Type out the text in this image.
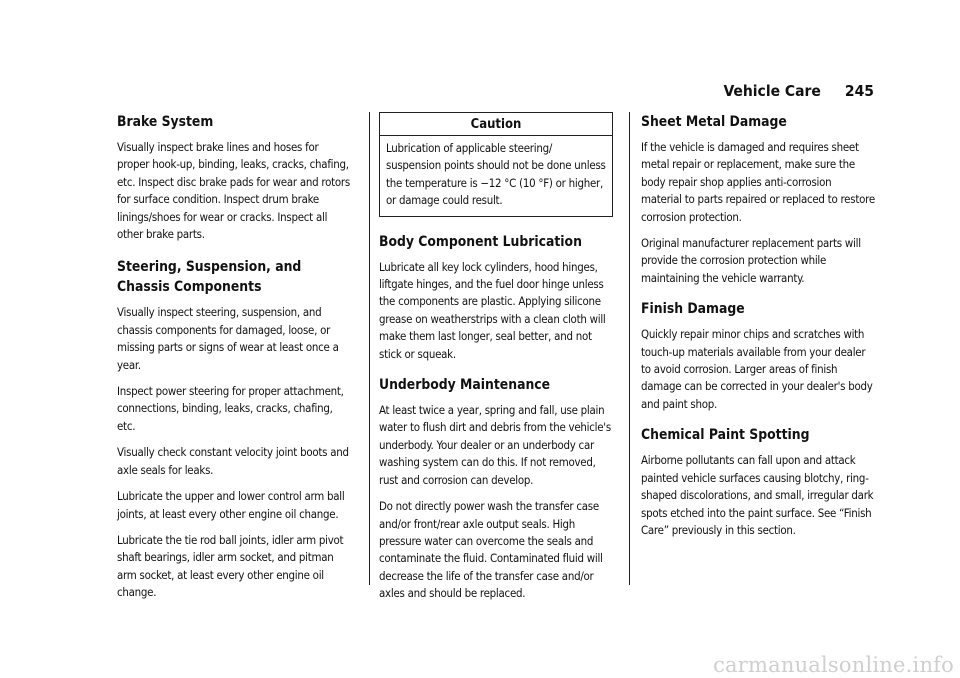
Vehicle Care 245
Brake System

Visually inspect brake lines and hoses for proper hook-up, binding, leaks, cracks, chafing, etc. Inspect disc brake pads for wear and rotors for surface condition. Inspect drum brake linings/shoes for wear or cracks. Inspect all other brake parts.

Steering, Suspension, and Chassis Components

Visually inspect steering, suspension, and chassis components for damaged, loose, or missing parts or signs of wear at least once a year.

Inspect power steering for proper attachment, connections, binding, leaks, cracks, chafing, etc.

Visually check constant velocity joint boots and axle seals for leaks.

Lubricate the upper and lower control arm ball joints, at least every other engine oil change.

Lubricate the tie rod ball joints, idler arm pivot shaft bearings, idler arm socket, and pitman arm socket, at least every other engine oil change.

Caution

Lubrication of applicable steering/ suspension points should not be done unless the temperature is −12 °C (10 °F) or higher, or damage could result.

Body Component Lubrication

Lubricate all key lock cylinders, hood hinges, liftgate hinges, and the fuel door hinge unless the components are plastic. Applying silicone grease on weatherstrips with a clean cloth will make them last longer, seal better, and not stick or squeak.

Underbody Maintenance

At least twice a year, spring and fall, use plain water to flush dirt and debris from the vehicle's underbody. Your dealer or an underbody car washing system can do this. If not removed, rust and corrosion can develop.

Do not directly power wash the transfer case and/or front/rear axle output seals. High pressure water can overcome the seals and contaminate the fluid. Contaminated fluid will decrease the life of the transfer case and/or axles and should be replaced.

Sheet Metal Damage

If the vehicle is damaged and requires sheet metal repair or replacement, make sure the body repair shop applies anti-corrosion material to parts repaired or replaced to restore corrosion protection.

Original manufacturer replacement parts will provide the corrosion protection while maintaining the vehicle warranty.

Finish Damage

Quickly repair minor chips and scratches with touch-up materials available from your dealer to avoid corrosion. Larger areas of finish damage can be corrected in your dealer's body and paint shop.

Chemical Paint Spotting

Airborne pollutants can fall upon and attack painted vehicle surfaces causing blotchy, ring-shaped discolorations, and small, irregular dark spots etched into the paint surface. See “Finish Care” previously in this section.

carmanualsonline.info
